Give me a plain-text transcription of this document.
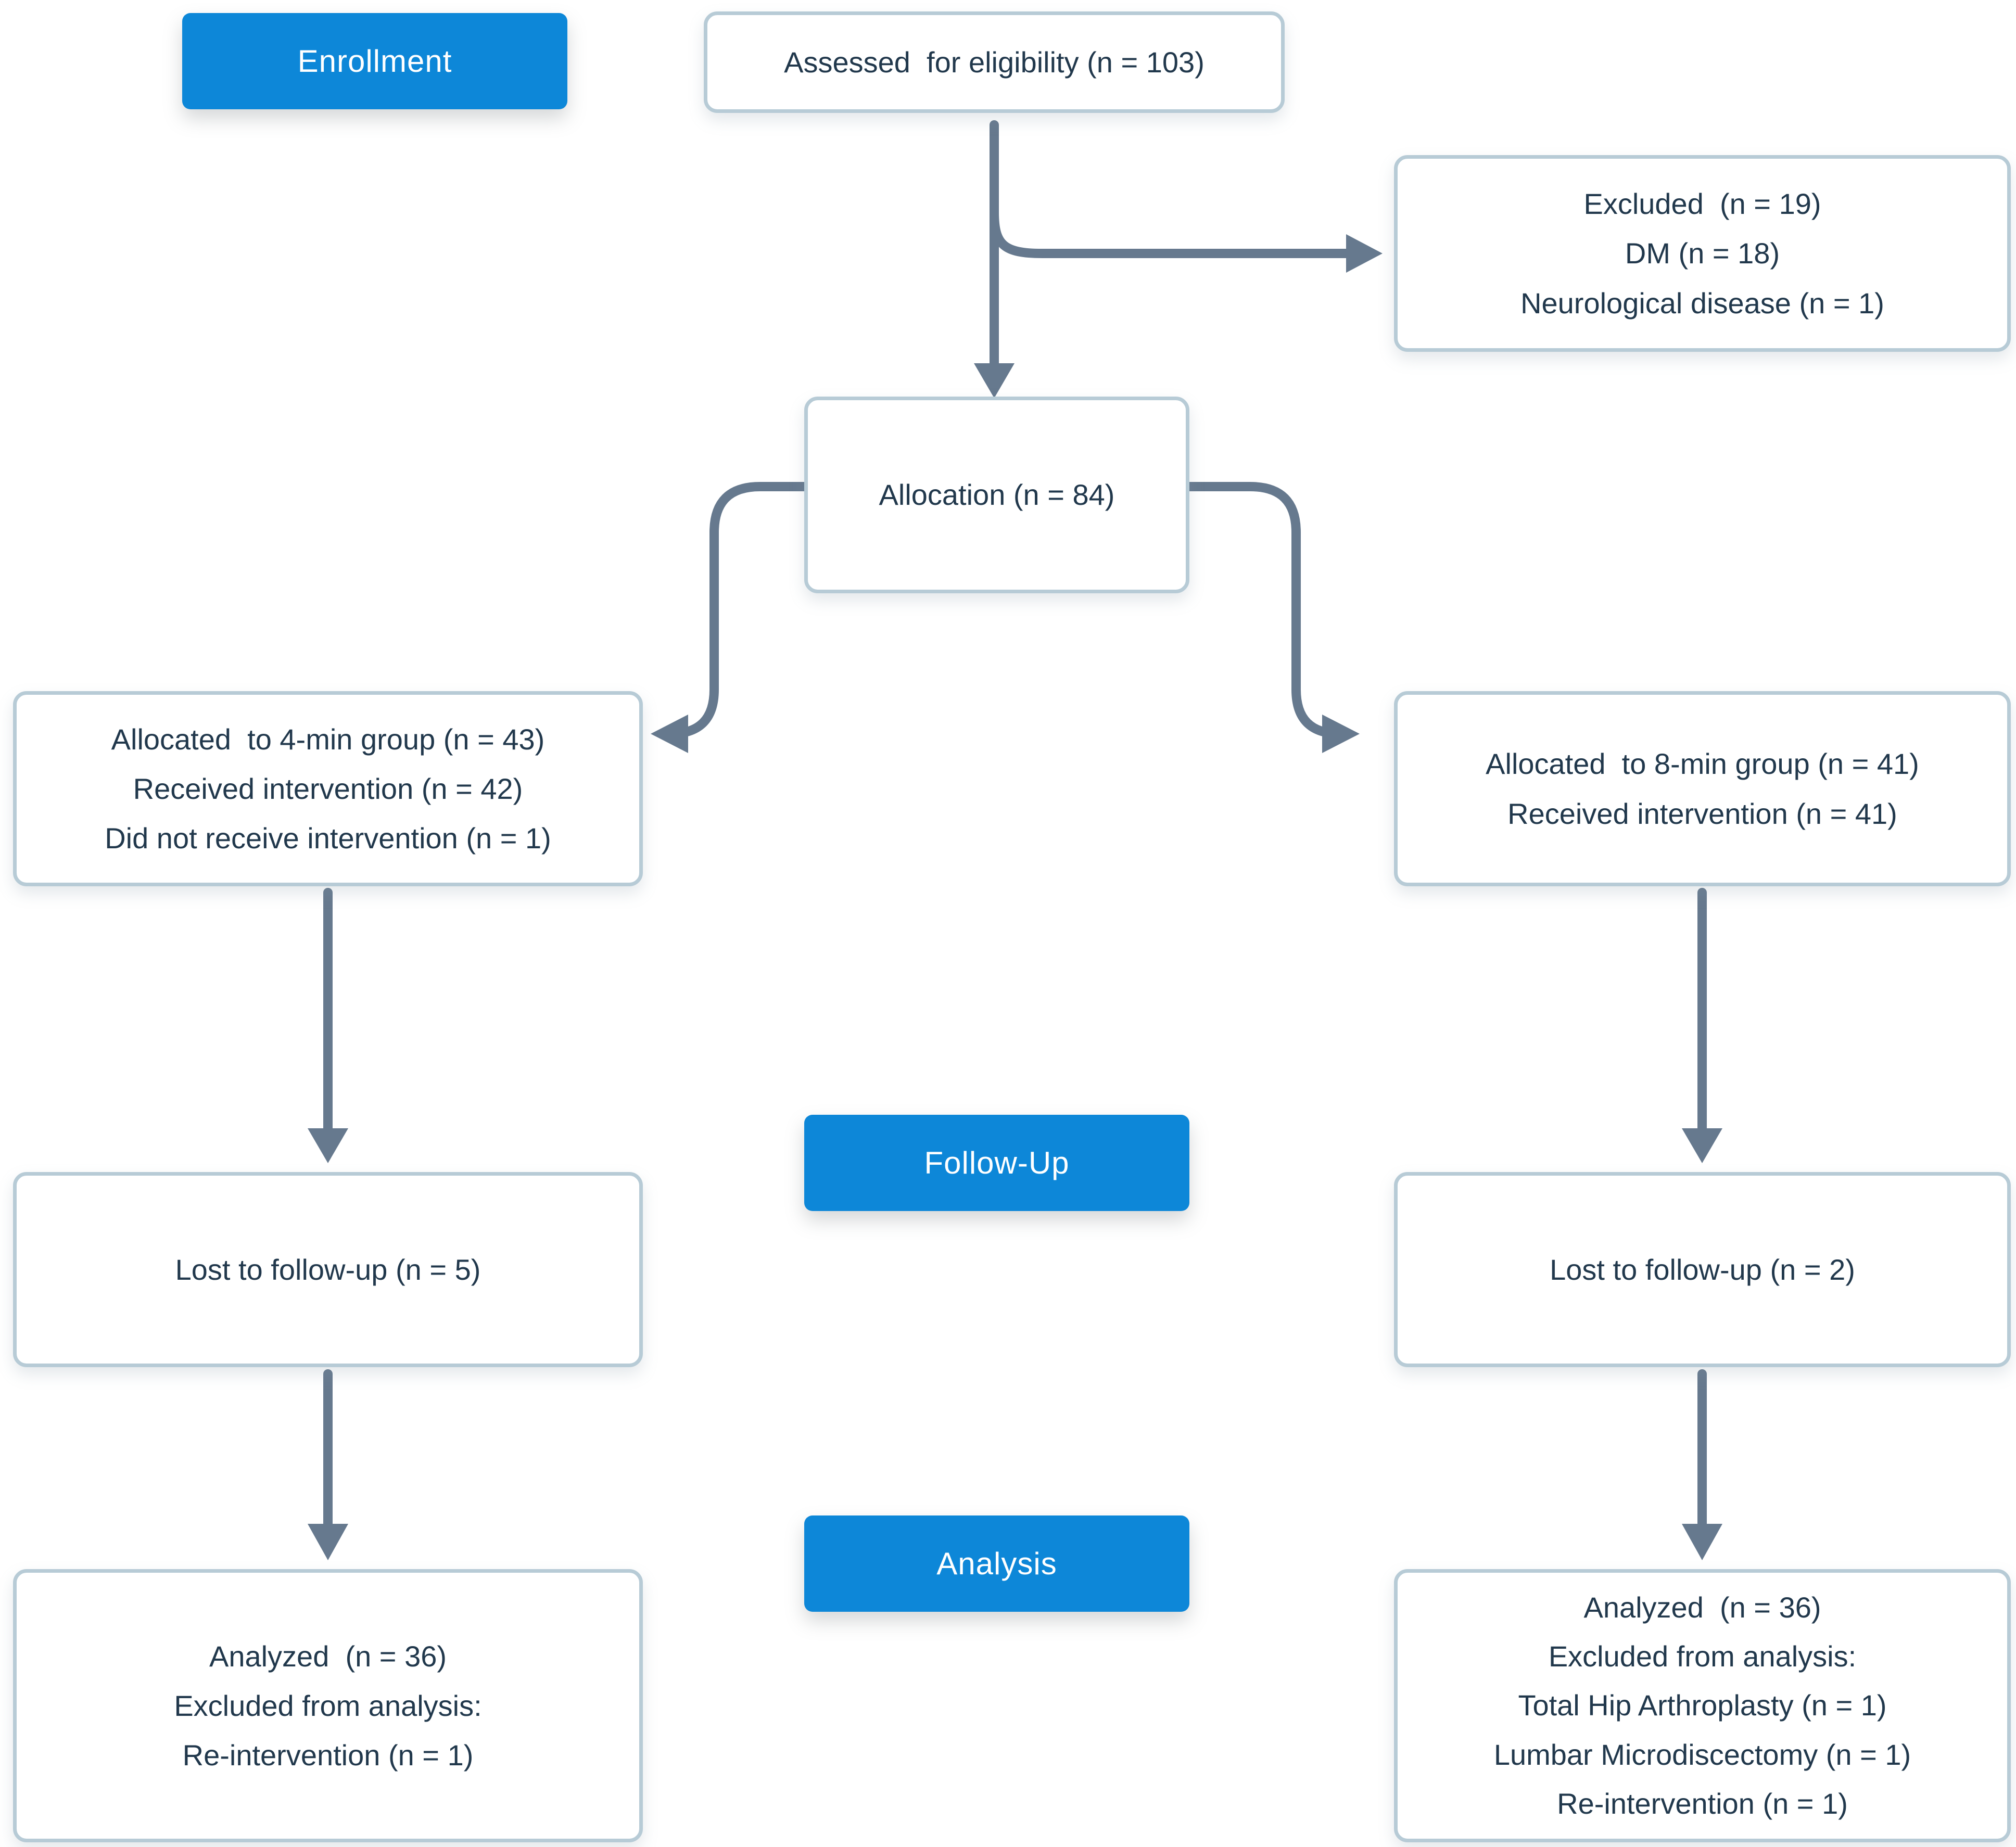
Enrollment
Follow-Up
Analysis
Assessed  for eligibility (n = 103)
Excluded  (n = 19)
DM (n = 18)
Neurological disease (n = 1)
Allocation (n = 84)
Allocated  to 4-min group (n = 43)
Received intervention (n = 42)
Did not receive intervention (n = 1)
Allocated  to 8-min group (n = 41)
Received intervention (n = 41)
Lost to follow-up (n = 5)	Lost to follow-up (n = 2)
Analyzed  (n = 36)
Excluded from analysis:
Re-intervention (n = 1)
Analyzed  (n = 36)
Excluded from analysis:
Total Hip Arthroplasty (n = 1)
Lumbar Microdiscectomy (n = 1)
Re-intervention (n = 1)
